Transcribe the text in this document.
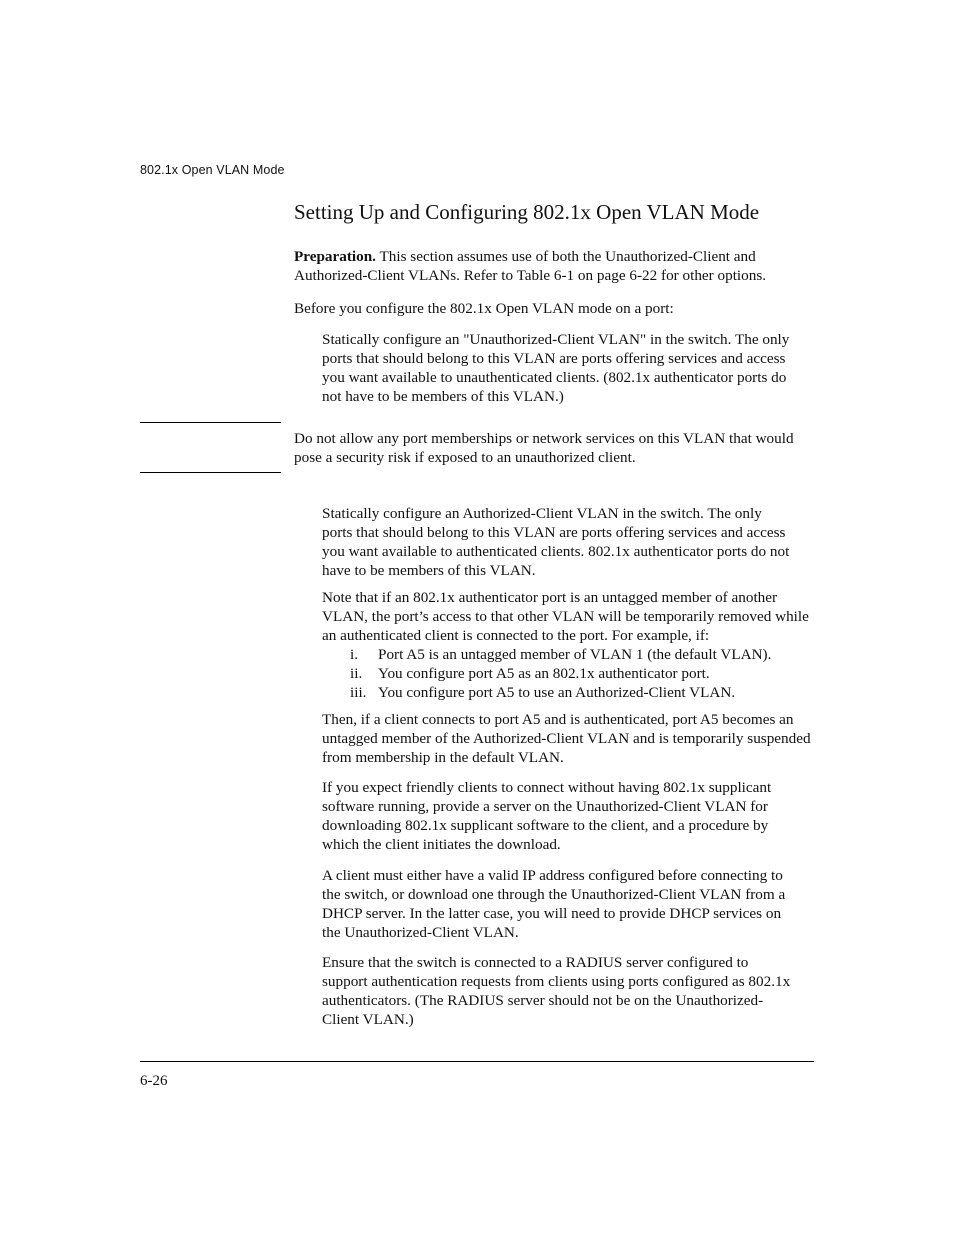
802.1x Open VLAN Mode
Setting Up and Configuring 802.1x Open VLAN Mode

Preparation. This section assumes use of both the Unauthorized-Client and Authorized-Client VLANs. Refer to Table 6-1 on page 6-22 for other options.

Before you configure the 802.1x Open VLAN mode on a port:

Statically configure an "Unauthorized-Client VLAN" in the switch. The only ports that should belong to this VLAN are ports offering services and access you want available to unauthenticated clients. (802.1x authenticator ports do not have to be members of this VLAN.)

Do not allow any port memberships or network services on this VLAN that would pose a security risk if exposed to an unauthorized client.

Statically configure an Authorized-Client VLAN in the switch. The only ports that should belong to this VLAN are ports offering services and access you want available to authenticated clients. 802.1x authenticator ports do not have to be members of this VLAN.

Note that if an 802.1x authenticator port is an untagged member of another VLAN, the port’s access to that other VLAN will be temporarily removed while an authenticated client is connected to the port. For example, if:

i.	Port A5 is an untagged member of VLAN 1 (the default VLAN).
ii.	You configure port A5 as an 802.1x authenticator port.
iii. You configure port A5 to use an Authorized-Client VLAN.

Then, if a client connects to port A5 and is authenticated, port A5 becomes an untagged member of the Authorized-Client VLAN and is temporarily suspended from membership in the default VLAN.

If you expect friendly clients to connect without having 802.1x supplicant software running, provide a server on the Unauthorized-Client VLAN for downloading 802.1x supplicant software to the client, and a procedure by which the client initiates the download.

A client must either have a valid IP address configured before connecting to the switch, or download one through the Unauthorized-Client VLAN from a DHCP server. In the latter case, you will need to provide DHCP services on the Unauthorized-Client VLAN.

Ensure that the switch is connected to a RADIUS server configured to support authentication requests from clients using ports configured as 802.1x authenticators. (The RADIUS server should not be on the Unauthorized-Client VLAN.)

6-26
